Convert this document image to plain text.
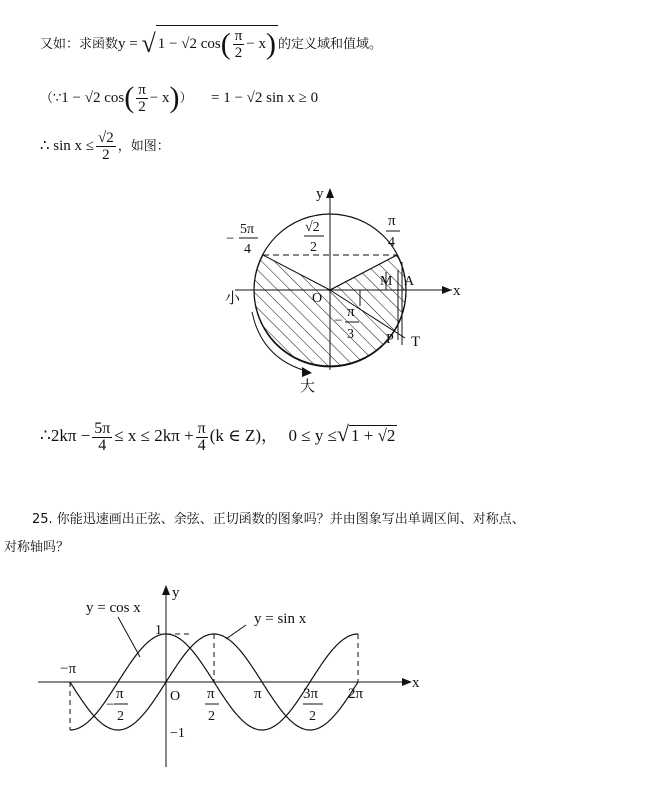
又如：求函数y = √ 1 − √2 $\cos( \frac{\pi}{2} - x)$ 的定义域和值域。
（∵1 − √2 $\cos( \frac{\pi}{2} - x)) = 1 - √2$ sin x ≥ 0
∴ $\sin x \le \frac{√2}{2}$ ，如图：
y
x
O
M A
P T
小
大
−
5π
4
√2
2
π
4
−
π
3
∴2kπ − $\frac{5\pi}{4} \le x \le 2k\pi + \frac{\pi}{4} (k$ ∈ Z)， 0 ≤ y ≤√ 1 + √2
25. 你能迅速画出正弦、余弦、正切函数的图象吗？并由图象写出单调区间、对称点、
对称轴吗？
y = cos x
y = sin x
y
x
1
−1
−π
O
−
π
2
π
2
π	3π
2
2π
